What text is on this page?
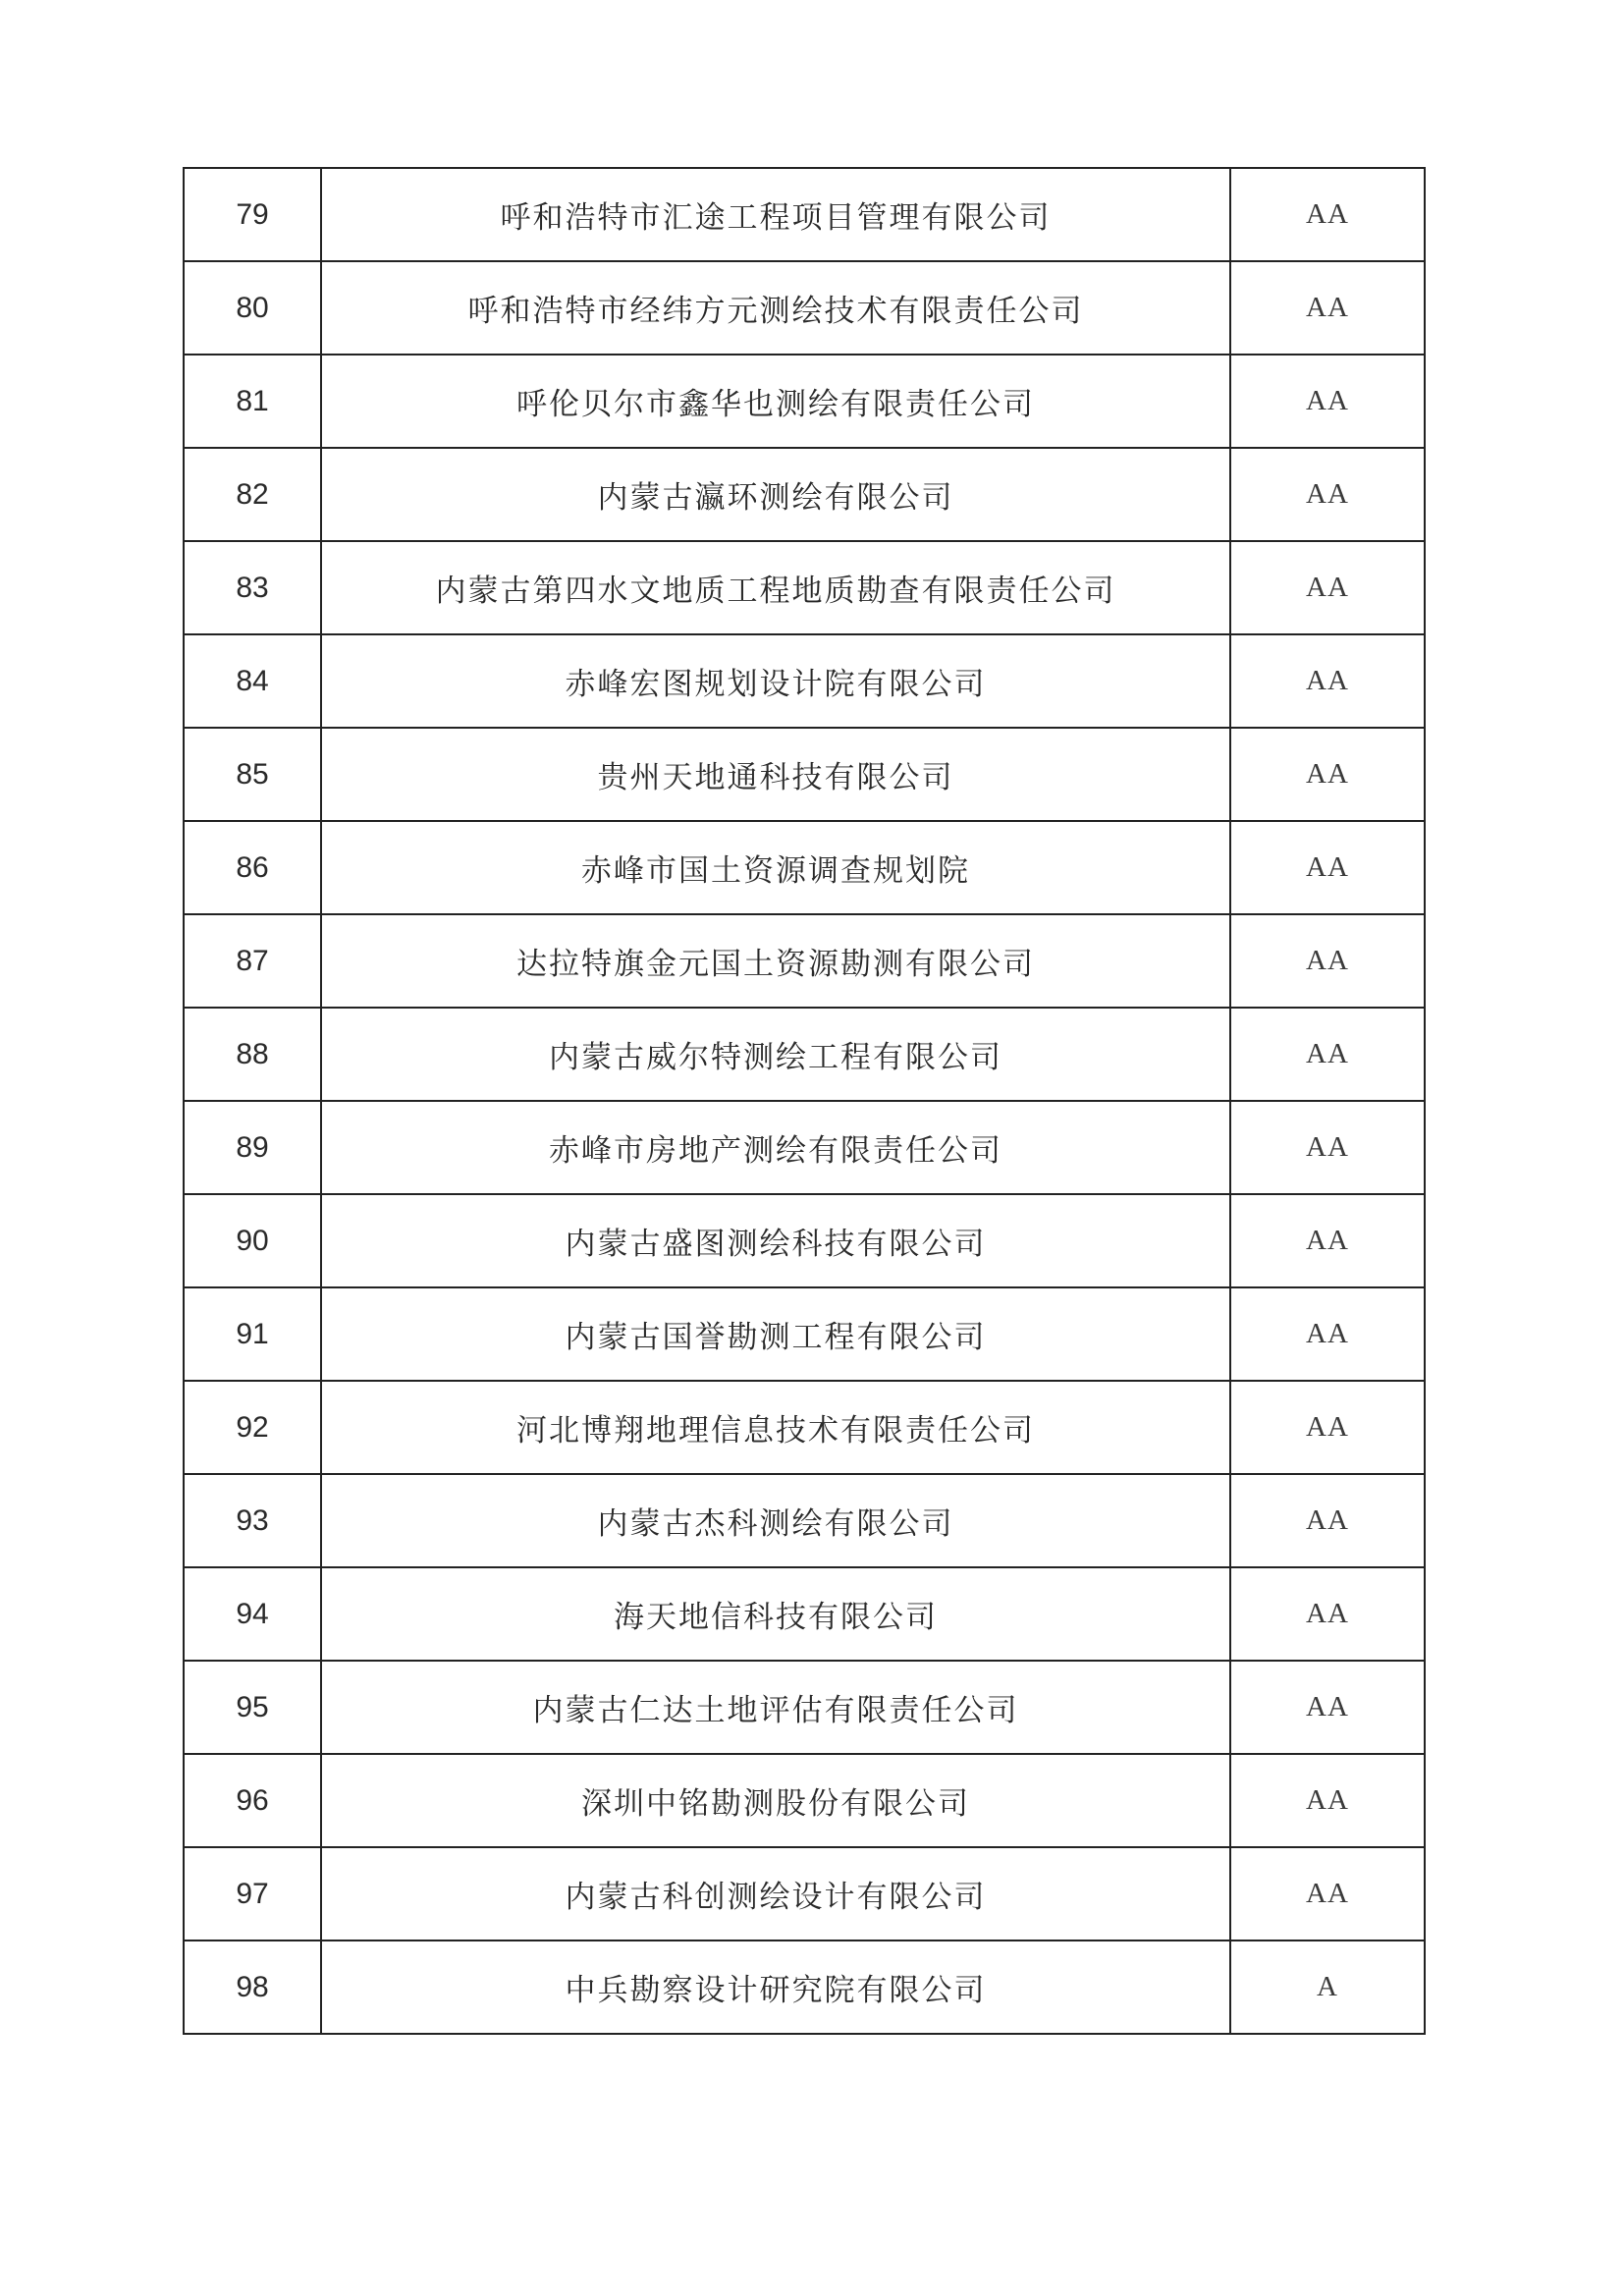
79	呼和浩特市汇途工程项目管理有限公司	AA
80	呼和浩特市经纬方元测绘技术有限责任公司	AA
81	呼伦贝尔市鑫华也测绘有限责任公司	AA
82	内蒙古瀛环测绘有限公司	AA
83	内蒙古第四水文地质工程地质勘查有限责任公司	AA
84	赤峰宏图规划设计院有限公司	AA
85	贵州天地通科技有限公司	AA
86	赤峰市国土资源调查规划院	AA
87	达拉特旗金元国土资源勘测有限公司	AA
88	内蒙古威尔特测绘工程有限公司	AA
89	赤峰市房地产测绘有限责任公司	AA
90	内蒙古盛图测绘科技有限公司	AA
91	内蒙古国誉勘测工程有限公司	AA
92	河北博翔地理信息技术有限责任公司	AA
93	内蒙古杰科测绘有限公司	AA
94	海天地信科技有限公司	AA
95	内蒙古仁达土地评估有限责任公司	AA
96	深圳中铭勘测股份有限公司	AA
97	内蒙古科创测绘设计有限公司	AA
98	中兵勘察设计研究院有限公司	A
